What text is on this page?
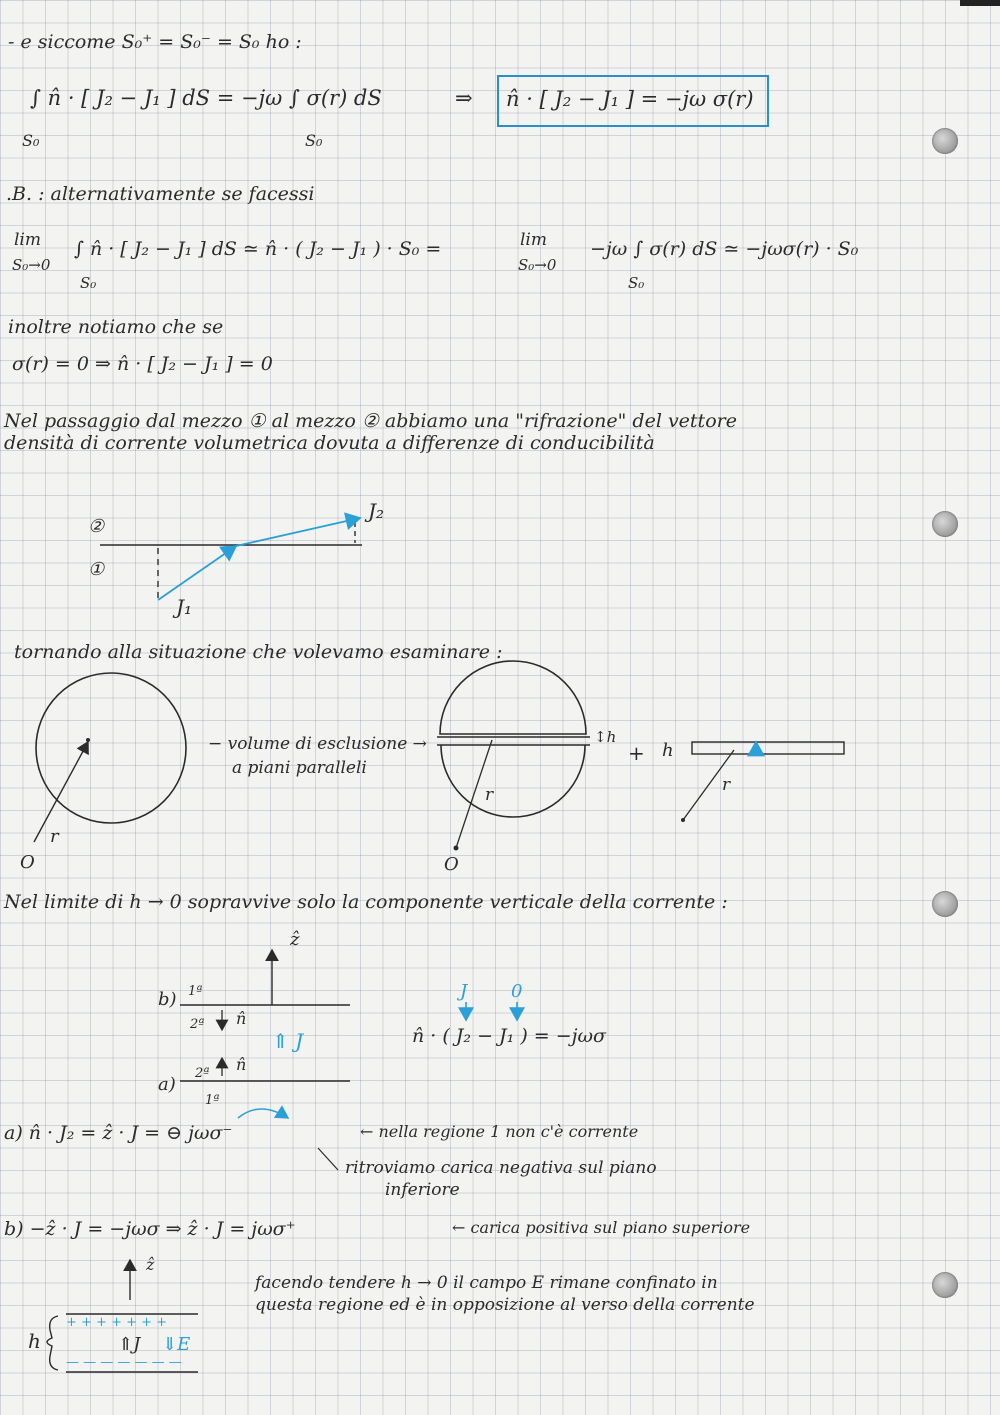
- e siccome S₀⁺ = S₀⁻ = S₀ ho :
∫ n̂ · [ J₂ − J₁ ] dS = −jω ∫ σ(r) dS
S₀	S₀
⇒ n̂ · [ J₂ − J₁ ] = −jω σ(r)
.B. : alternativamente se facessi
lim
S₀→0
∫ n̂ · [ J₂ − J₁ ] dS ≃ n̂ · ( J₂ − J₁ ) · S₀ =
S₀
lim
S₀→0
−jω ∫ σ(r) dS ≃ −jωσ(r) · S₀
S₀
inoltre notiamo che se
σ(r) = 0 ⇒ n̂ · [ J₂ − J₁ ] = 0
Nel passaggio dal mezzo ① al mezzo ② abbiamo una "rifrazione" del vettore
densità di corrente volumetrica dovuta a differenze di conducibilità
tornando alla situazione che volevamo esaminare :
− volume di esclusione →
a piani paralleli
Nel limite di h → 0 sopravvive solo la componente verticale della corrente :
a) n̂ · J₂ = ẑ · J = ⊖ jωσ⁻	← nella regione 1 non c'è corrente
ritroviamo carica negativa sul piano
inferiore
b) −ẑ · J = −jωσ ⇒ ẑ · J = jωσ⁺	← carica positiva sul piano superiore
facendo tendere h → 0 il campo E rimane confinato in
questa regione ed è in opposizione al verso della corrente
②
①
J₂
J₁
O
r
O
r
↕h
+ h
r
ẑ
b)
a)
1ª
2ª n̂
2ª
1ª
n̂
⇑ J
J 0
n̂ · ( J₂ − J₁ ) = −jωσ
ẑ
+ + + + + + +
— — — — — — —
⇑J ⇓E
h
